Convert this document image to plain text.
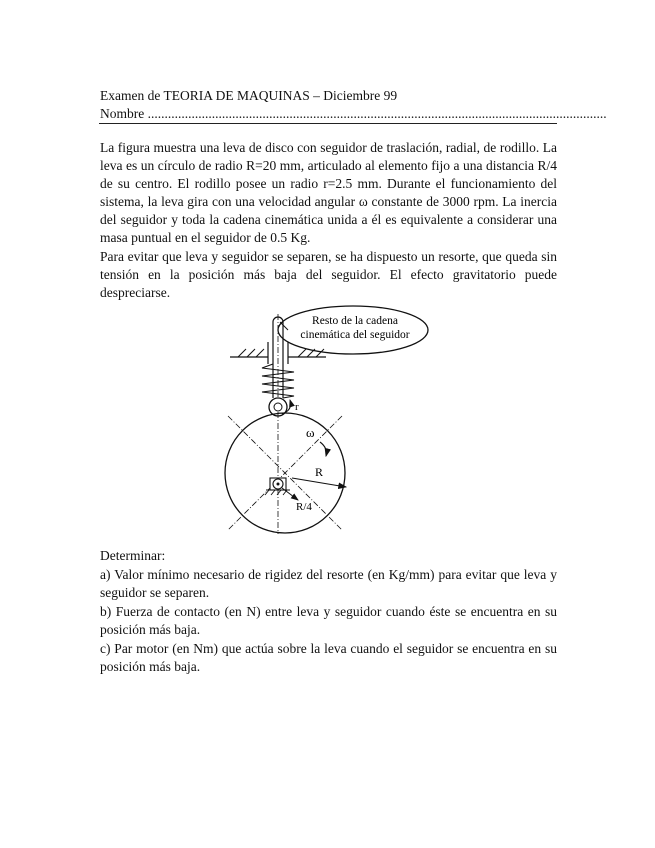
Examen de TEORIA DE MAQUINAS – Diciembre 99
Nombre ........................................................................................................................................

La figura muestra una leva de disco con seguidor de traslación, radial, de rodillo. La leva es un círculo de radio R=20 mm, articulado al elemento fijo a una distancia R/4 de su centro. El rodillo posee un radio r=2.5 mm. Durante el funcionamiento del sistema, la leva gira con una velocidad angular ω constante de 3000 rpm. La inercia del seguidor y toda la cadena cinemática unida a él es equivalente a considerar una masa puntual en el seguidor de 0.5 Kg.

Para evitar que leva y seguidor se separen, se ha dispuesto un resorte, que queda sin tensión en la posición más baja del seguidor. El efecto gravitatorio puede despreciarse.

Resto de la cadena
cinemática del seguidor
r
ω
R
R/4
Determinar:

a) Valor mínimo necesario de rigidez del resorte (en Kg/mm) para evitar que leva y seguidor se separen.

b) Fuerza de contacto (en N) entre leva y seguidor cuando éste se encuentra en su posición más baja.

c) Par motor (en Nm) que actúa sobre la leva cuando el seguidor se encuentra en su posición más baja.
